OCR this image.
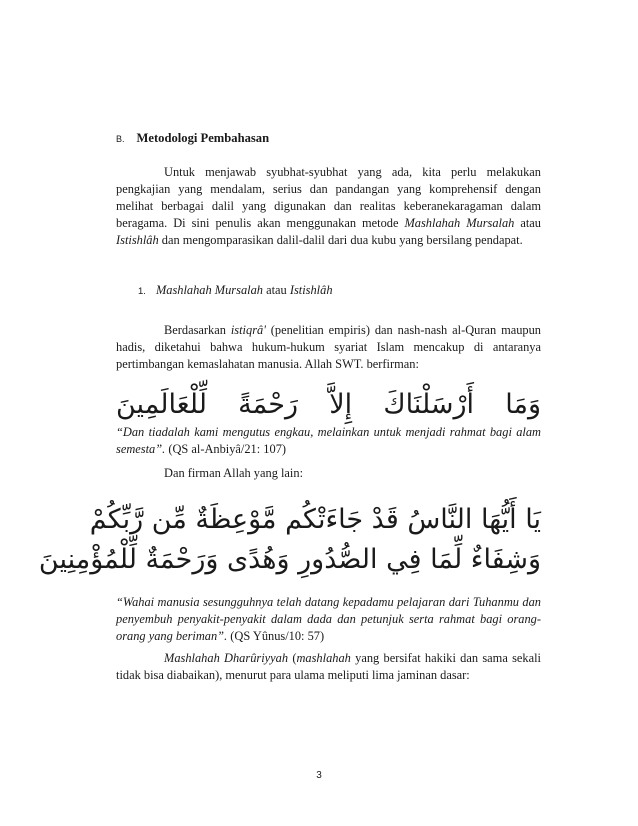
B. Metodologi Pembahasan

Untuk menjawab syubhat-syubhat yang ada, kita perlu melakukan pengkajian yang mendalam, serius dan pandangan yang komprehensif dengan melihat berbagai dalil yang digunakan dan realitas keberanekaragaman dalam beragama. Di sini penulis akan menggunakan metode Mashlahah Mursalah atau Istishlâh dan mengomparasikan dalil-dalil dari dua kubu yang bersilang pendapat.

1. Mashlahah Mursalah atau Istishlâh

Berdasarkan istiqrâ' (penelitian empiris) dan nash-nash al-Quran maupun hadis, diketahui bahwa hukum-hukum syariat Islam mencakup di antaranya pertimbangan kemaslahatan manusia. Allah SWT. berfirman:

وَمَا أَرْسَلْنَاكَ إِلاَّ رَحْمَةً لِّلْعَالَمِينَ

“Dan tiadalah kami mengutus engkau, melainkan untuk menjadi rahmat bagi alam semesta”. (QS al-Anbiyâ/21: 107)

Dan firman Allah yang lain:

يَا أَيُّهَا النَّاسُ قَدْ جَاءَتْكُم مَّوْعِظَةٌ مِّن رَّبِّكُمْ
وَشِفَاءٌ لِّمَا فِي الصُّدُورِ وَهُدًى وَرَحْمَةٌ لِّلْمُؤْمِنِينَ

“Wahai manusia sesungguhnya telah datang kepadamu pelajaran dari Tuhanmu dan penyembuh penyakit-penyakit dalam dada dan petunjuk serta rahmat bagi orang-orang yang beriman”. (QS Yûnus/10: 57)

Mashlahah Dharûriyyah (mashlahah yang bersifat hakiki dan sama sekali tidak bisa diabaikan), menurut para ulama meliputi lima jaminan dasar:

3
